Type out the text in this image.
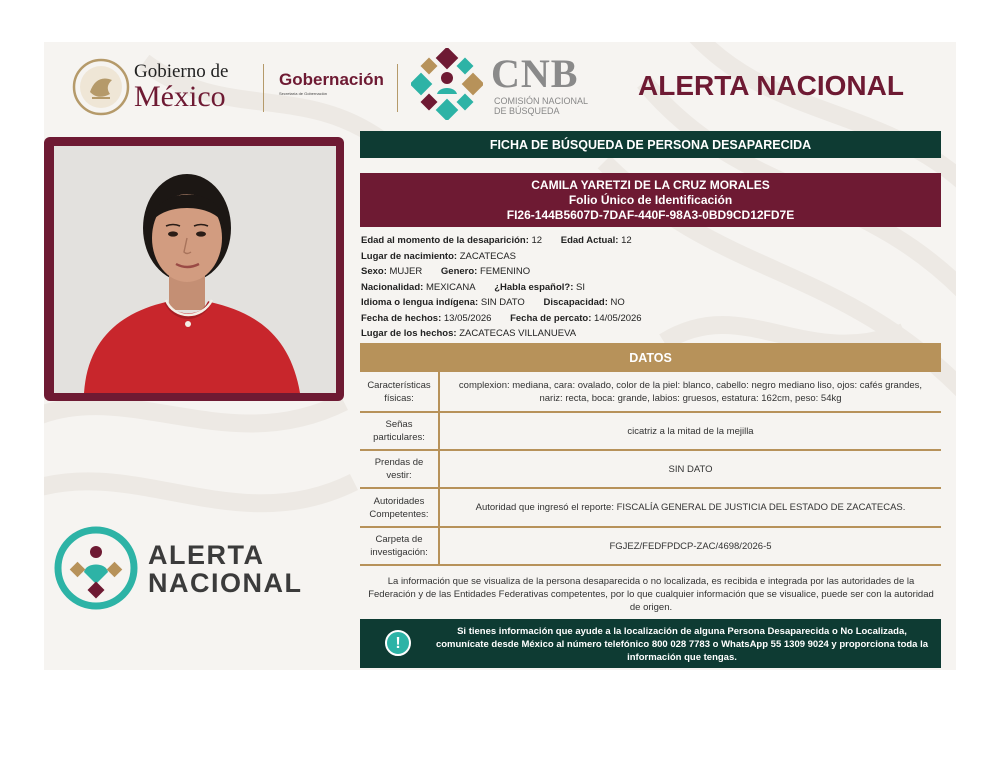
Gobierno de
México
Gobernación
Secretaría de Gobernación	CNB
COMISIÓN NACIONAL
DE BÚSQUEDA
ALERTA NACIONAL
ALERTA
NACIONAL
FICHA DE BÚSQUEDA DE PERSONA DESAPARECIDA
CAMILA YARETZI DE LA CRUZ MORALES
Folio Único de Identificación
FI26-144B5607D-7DAF-440F-98A3-0BD9CD12FD7E
Edad al momento de la desaparición: 12 Edad Actual: 12
Lugar de nacimiento: ZACATECAS
Sexo: MUJER Genero: FEMENINO
Nacionalidad: MEXICANA ¿Habla español?: SI
Idioma o lengua indígena: SIN DATO Discapacidad: NO
Fecha de hechos: 13/05/2026 Fecha de percato: 14/05/2026
Lugar de los hechos: ZACATECAS VILLANUEVA
DATOS
Características físicas:	complexion: mediana, cara: ovalado, color de la piel: blanco, cabello: negro mediano liso, ojos: cafés grandes, nariz: recta, boca: grande, labios: gruesos, estatura: 162cm, peso: 54kg
Señas particulares:	cicatriz a la mitad de la mejilla
Prendas de vestir:	SIN DATO
Autoridades Competentes:	Autoridad que ingresó el reporte: FISCALÍA GENERAL DE JUSTICIA DEL ESTADO DE ZACATECAS.
Carpeta de investigación:	FGJEZ/FEDFPDCP-ZAC/4698/2026-5
La información que se visualiza de la persona desaparecida o no localizada, es recibida e integrada por las autoridades de la Federación y de las Entidades Federativas competentes, por lo que cualquier información que se visualice, puede ser con la autoridad de origen.
!
Si tienes información que ayude a la localización de alguna Persona Desaparecida o No Localizada, comunícate desde México al número telefónico 800 028 7783 o WhatsApp 55 1309 9024 y proporciona toda la información que tengas.
